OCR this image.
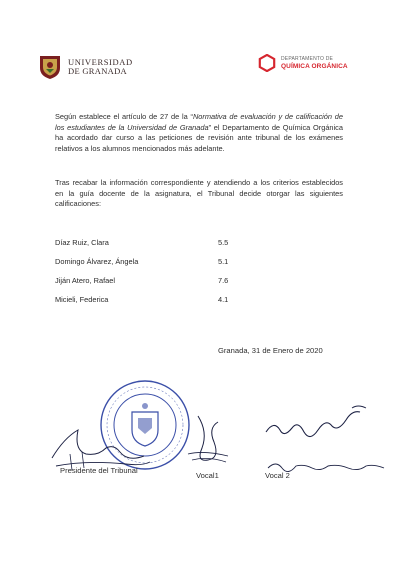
UNIVERSIDAD
DE GRANADA
DEPARTAMENTO DE
QUÍMICA ORGÁNICA
Según establece el artículo de 27 de la “Normativa de evaluación y de calificación de los estudiantes de la Universidad de Granada” el Departamento de Química Orgánica ha acordado dar curso a las peticiones de revisión ante tribunal de los exámenes relativos a los alumnos mencionados más adelante.
Tras recabar la información correspondiente y atendiendo a los criterios establecidos en la guía docente de la asignatura, el Tribunal decide otorgar las siguientes calificaciones:
Díaz Ruiz, Clara	5.5
Domingo Álvarez, Ángela	5.1
Jiján Atero, Rafael	7.6
Micieli, Federica	4.1
Granada, 31 de Enero de 2020
Presidente del Tribunal
Vocal1	Vocal 2
